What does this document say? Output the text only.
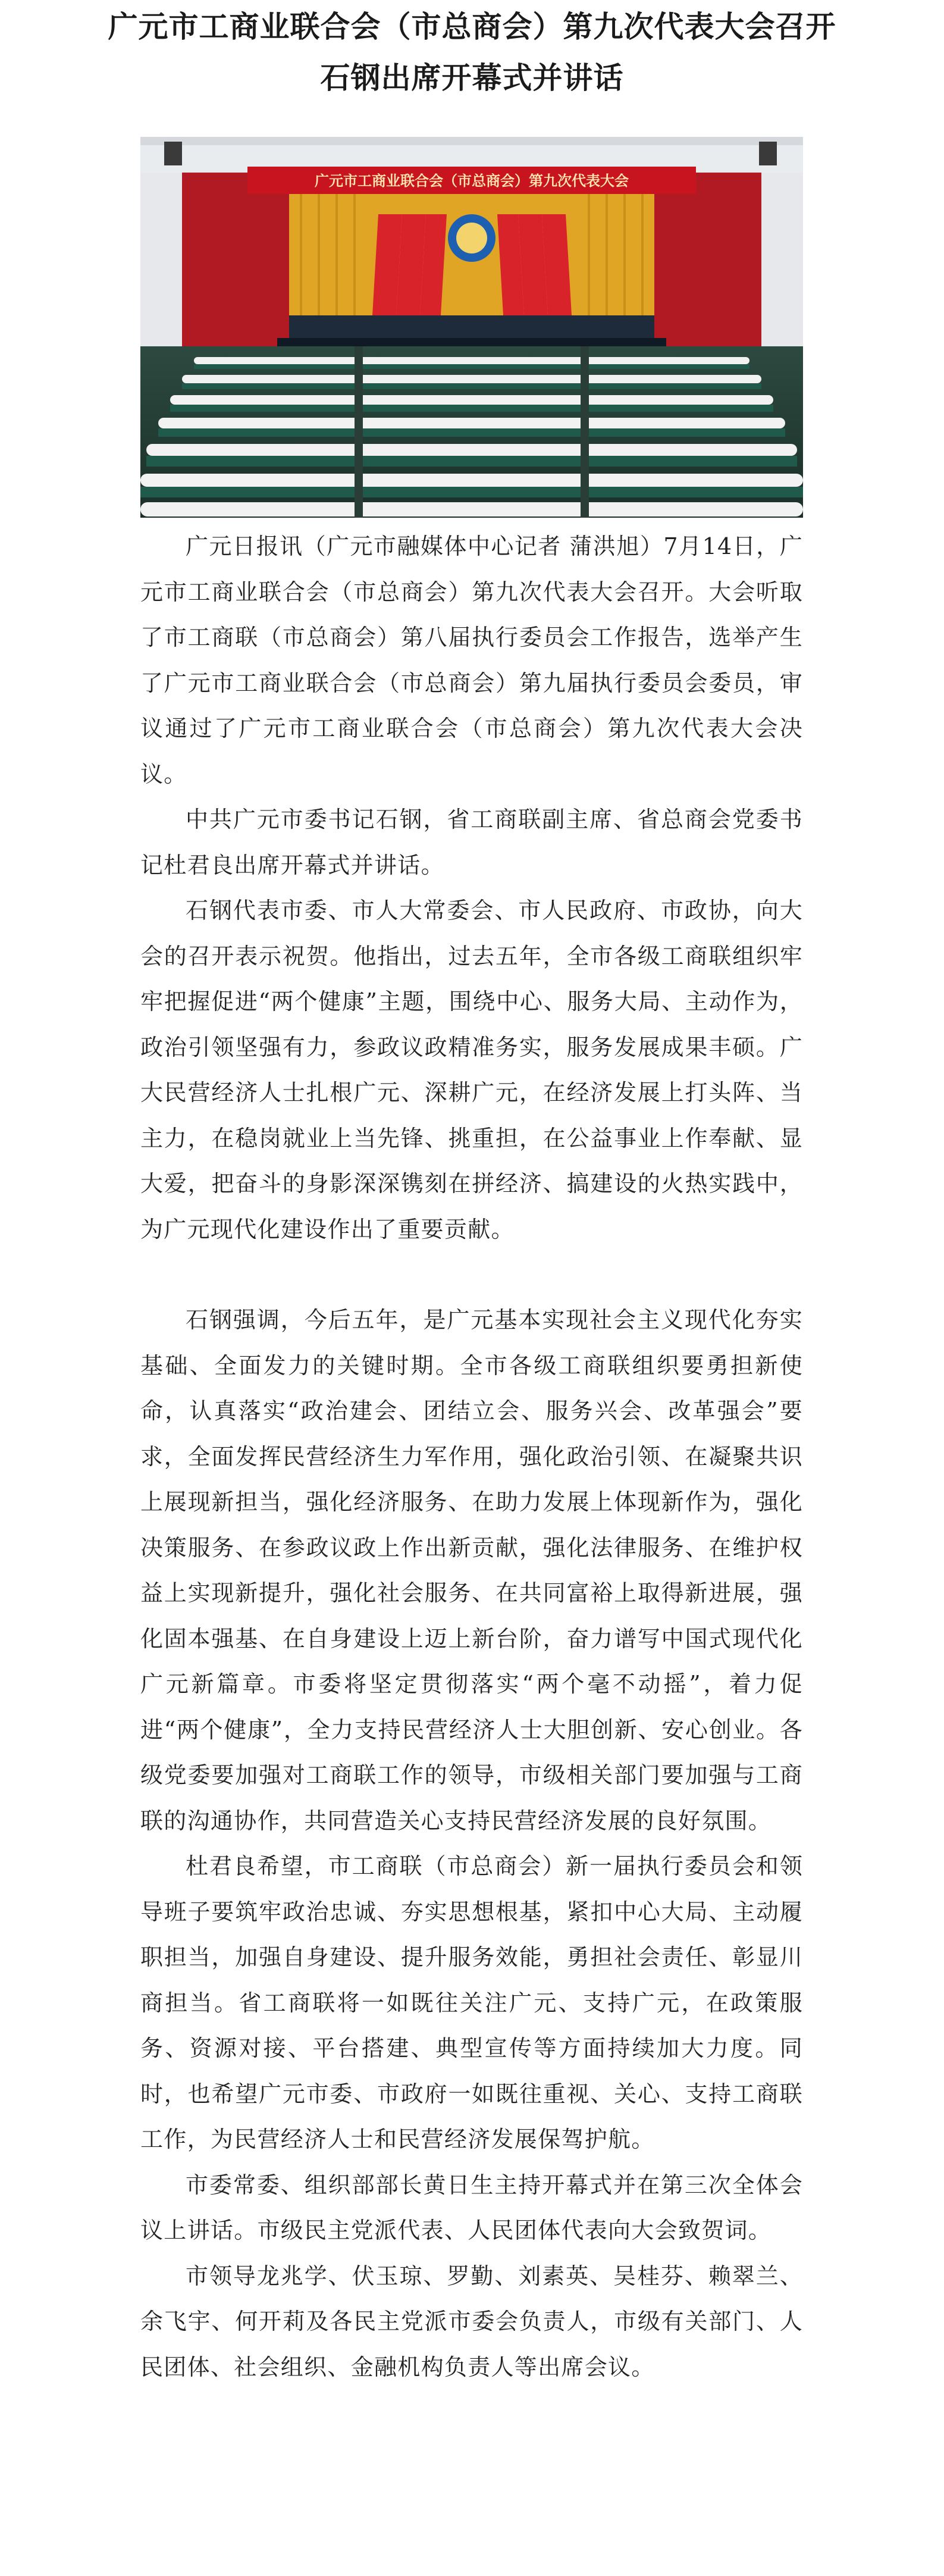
广元市工商业联合会（市总商会）第九次代表大会召开石钢出席开幕式并讲话
广元市工商业联合会（市总商会）第九次代表大会

广元日报讯（广元市融媒体中心记者 蒲洪旭）7月14日，广元市工商业联合会（市总商会）第九次代表大会召开。大会听取了市工商联（市总商会）第八届执行委员会工作报告，选举产生了广元市工商业联合会（市总商会）第九届执行委员会委员，审议通过了广元市工商业联合会（市总商会）第九次代表大会决议。

中共广元市委书记石钢，省工商联副主席、省总商会党委书记杜君良出席开幕式并讲话。

石钢代表市委、市人大常委会、市人民政府、市政协，向大会的召开表示祝贺。他指出，过去五年，全市各级工商联组织牢牢把握促进“两个健康”主题，围绕中心、服务大局、主动作为，政治引领坚强有力，参政议政精准务实，服务发展成果丰硕。广大民营经济人士扎根广元、深耕广元，在经济发展上打头阵、当主力，在稳岗就业上当先锋、挑重担，在公益事业上作奉献、显大爱，把奋斗的身影深深镌刻在拼经济、搞建设的火热实践中，为广元现代化建设作出了重要贡献。

石钢强调，今后五年，是广元基本实现社会主义现代化夯实基础、全面发力的关键时期。全市各级工商联组织要勇担新使命，认真落实“政治建会、团结立会、服务兴会、改革强会”要求，全面发挥民营经济生力军作用，强化政治引领、在凝聚共识上展现新担当，强化经济服务、在助力发展上体现新作为，强化决策服务、在参政议政上作出新贡献，强化法律服务、在维护权益上实现新提升，强化社会服务、在共同富裕上取得新进展，强化固本强基、在自身建设上迈上新台阶，奋力谱写中国式现代化广元新篇章。市委将坚定贯彻落实“两个毫不动摇”，着力促进“两个健康”，全力支持民营经济人士大胆创新、安心创业。各级党委要加强对工商联工作的领导，市级相关部门要加强与工商联的沟通协作，共同营造关心支持民营经济发展的良好氛围。

杜君良希望，市工商联（市总商会）新一届执行委员会和领导班子要筑牢政治忠诚、夯实思想根基，紧扣中心大局、主动履职担当，加强自身建设、提升服务效能，勇担社会责任、彰显川商担当。省工商联将一如既往关注广元、支持广元，在政策服务、资源对接、平台搭建、典型宣传等方面持续加大力度。同时，也希望广元市委、市政府一如既往重视、关心、支持工商联工作，为民营经济人士和民营经济发展保驾护航。

市委常委、组织部部长黄日生主持开幕式并在第三次全体会议上讲话。市级民主党派代表、人民团体代表向大会致贺词。

市领导龙兆学、伏玉琼、罗勤、刘素英、吴桂芬、赖翠兰、余飞宇、何开莉及各民主党派市委会负责人，市级有关部门、人民团体、社会组织、金融机构负责人等出席会议。
